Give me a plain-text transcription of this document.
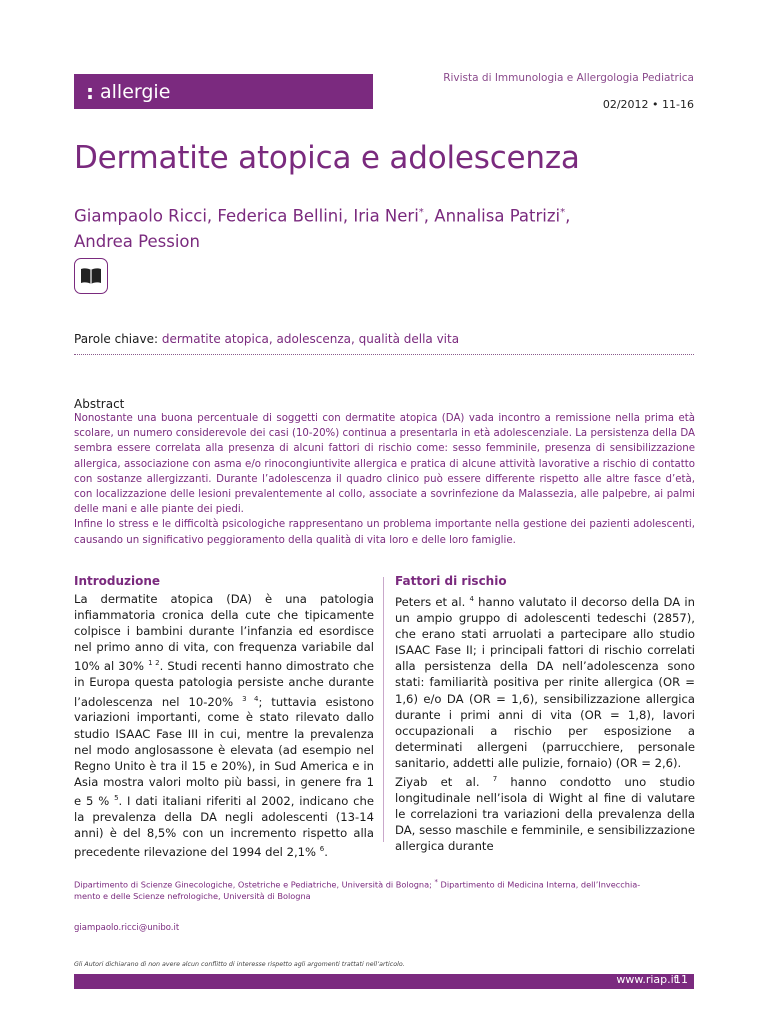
: allergie
Rivista di Immunologia e Allergologia Pediatrica
02/2012 • 11-16
Dermatite atopica e adolescenza
Giampaolo Ricci, Federica Bellini, Iria Neri*, Annalisa Patrizi*,
Andrea Pession
Parole chiave: dermatite atopica, adolescenza, qualità della vita
Abstract

Nonostante una buona percentuale di soggetti con dermatite atopica (DA) vada incontro a remissione nella prima età scolare, un numero considerevole dei casi (10-20%) continua a presentarla in età adolescenziale. La persistenza della DA sembra essere correlata alla presenza di alcuni fattori di rischio come: sesso femminile, presenza di sensibilizzazione allergica, associazione con asma e/o rinocongiuntivite allergica e pratica di alcune attività lavorative a rischio di contatto con sostanze allergizzanti. Durante l’adolescenza il quadro clinico può essere differente rispetto alle altre fasce d’età, con localizzazione delle lesioni prevalentemente al collo, associate a sovrinfezione da Malassezia, alle palpebre, ai palmi delle mani e alle piante dei piedi.

Infine lo stress e le difficoltà psicologiche rappresentano un problema importante nella gestione dei pazienti adolescenti, causando un significativo peggioramento della qualità di vita loro e delle loro famiglie.

Introduzione

La dermatite atopica (DA) è una patologia infiammatoria cronica della cute che tipicamente colpisce i bambini durante l’infanzia ed esordisce nel primo anno di vita, con frequenza variabile dal 10% al 30% $^{1 2}$. Studi recenti hanno dimostrato che in Europa questa patologia persiste anche durante l’adolescenza nel 10-20% $^{3 4}$; tuttavia esistono variazioni importanti, come è stato rilevato dallo studio ISAAC Fase III in cui, mentre la prevalenza nel modo anglosassone è elevata (ad esempio nel Regno Unito è tra il 15 e 20%), in Sud America e in Asia mostra valori molto più bassi, in genere fra 1 e 5 % $^5$. I dati italiani riferiti al 2002, indicano che la prevalenza della DA negli adolescenti (13-14 anni) è del 8,5% con un incremento rispetto alla precedente rilevazione del 1994 del 2,1% $^6$.

Fattori di rischio

Peters et al. $^4$ hanno valutato il decorso della DA in un ampio gruppo di adolescenti tedeschi (2857), che erano stati arruolati a partecipare allo studio ISAAC Fase II; i principali fattori di rischio correlati alla persistenza della DA nell’adolescenza sono stati: familiarità positiva per rinite allergica (OR = 1,6) e/o DA (OR = 1,6), sensibilizzazione allergica durante i primi anni di vita (OR = 1,8), lavori occupazionali a rischio per esposizione a determinati allergeni (parrucchiere, personale sanitario, addetti alle pulizie, fornaio) (OR = 2,6).

Ziyab et al. $^7$ hanno condotto uno studio longitudinale nell’isola di Wight al fine di valutare le correlazioni tra variazioni della prevalenza della DA, sesso maschile e femminile, e sensibilizzazione allergica durante

Dipartimento di Scienze Ginecologiche, Ostetriche e Pediatriche, Università di Bologna; * Dipartimento di Medicina Interna, dell’Invecchia-
mento e delle Scienze nefrologiche, Università di Bologna
giampaolo.ricci@unibo.it
Gli Autori dichiarano di non avere alcun conflitto di interesse rispetto agli argomenti trattati nell’articolo.
www.riap.it
11
